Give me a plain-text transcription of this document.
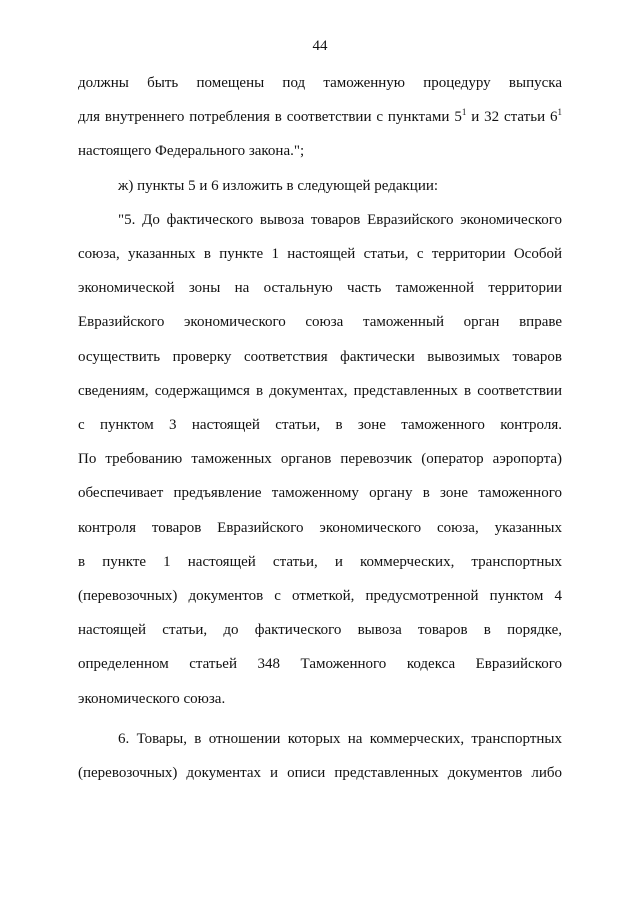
44
должны быть помещены под таможенную процедуру выпуска
для внутреннего потребления в соответствии с пунктами $5^1$ и 32 статьи $6^1$
настоящего Федерального закона.";
ж) пункты 5 и 6 изложить в следующей редакции:
"5. До фактического вывоза товаров Евразийского экономического
союза, указанных в пункте 1 настоящей статьи, с территории Особой
экономической зоны на остальную часть таможенной территории
Евразийского экономического союза таможенный орган вправе
осуществить проверку соответствия фактически вывозимых товаров
сведениям, содержащимся в документах, представленных в соответствии
с пунктом 3 настоящей статьи, в зоне таможенного контроля.
По требованию таможенных органов перевозчик (оператор аэропорта)
обеспечивает предъявление таможенному органу в зоне таможенного
контроля товаров Евразийского экономического союза, указанных
в пункте 1 настоящей статьи, и коммерческих, транспортных
(перевозочных) документов с отметкой, предусмотренной пунктом 4
настоящей статьи, до фактического вывоза товаров в порядке,
определенном статьей 348 Таможенного кодекса Евразийского
экономического союза.
6. Товары, в отношении которых на коммерческих, транспортных
(перевозочных) документах и описи представленных документов либо
